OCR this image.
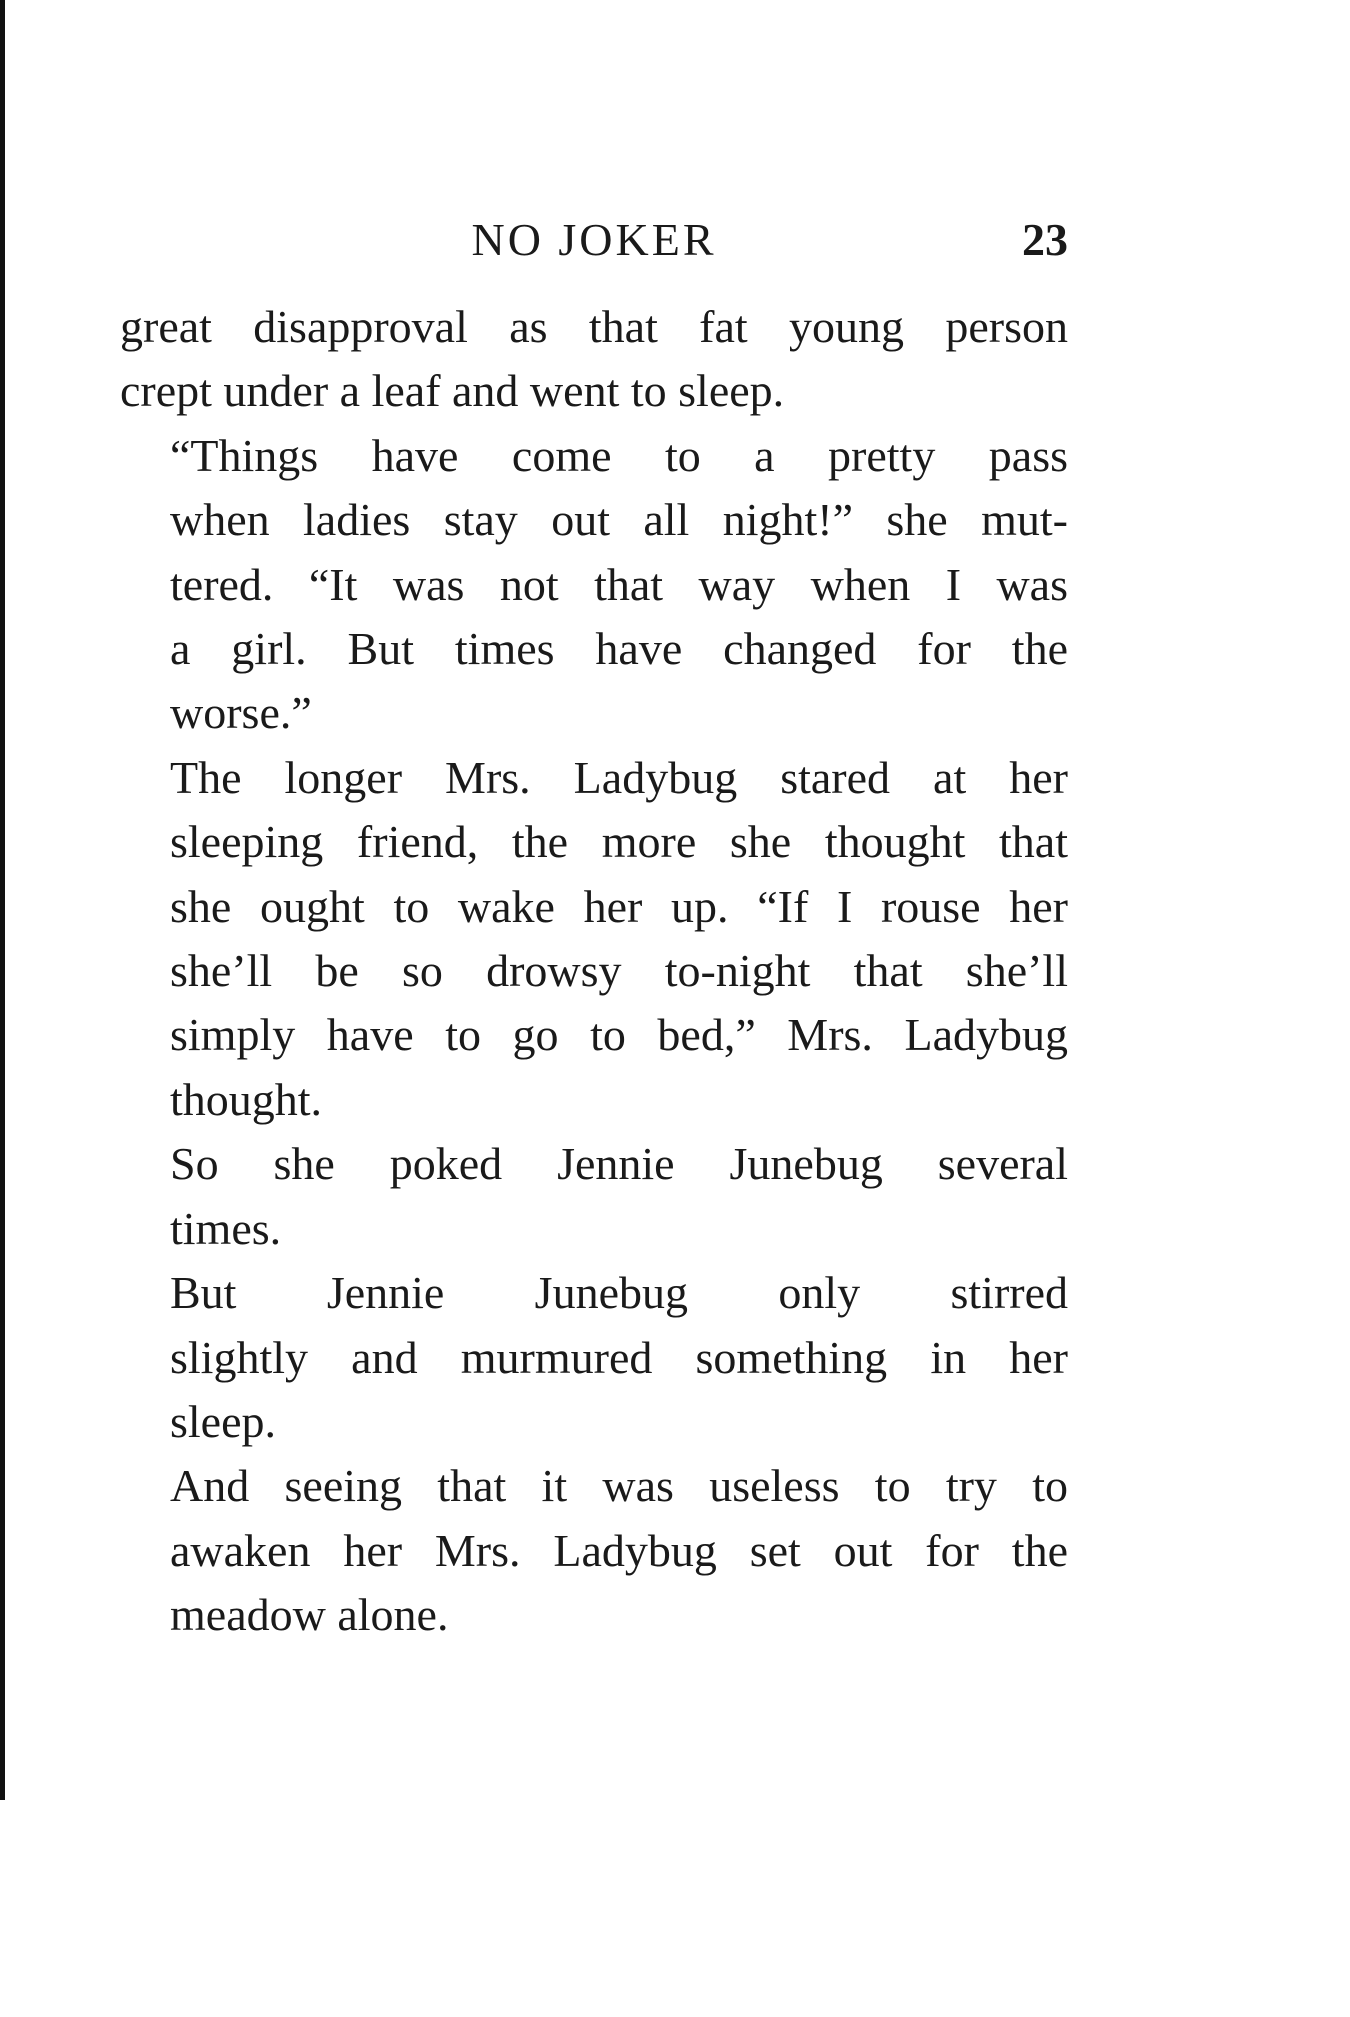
NO JOKER	23

great disapproval as that fat young person
crept under a leaf and went to sleep.

“Things have come to a pretty pass
when ladies stay out all night!” she mut-
tered. “It was not that way when I was
a girl. But times have changed for the
worse.”

The longer Mrs. Ladybug stared at her
sleeping friend, the more she thought that
she ought to wake her up. “If I rouse her
she’ll be so drowsy to-night that she’ll
simply have to go to bed,” Mrs. Ladybug
thought.

So she poked Jennie Junebug several
times.

But Jennie Junebug only stirred
slightly and murmured something in her
sleep.

And seeing that it was useless to try to
awaken her Mrs. Ladybug set out for the
meadow alone.
